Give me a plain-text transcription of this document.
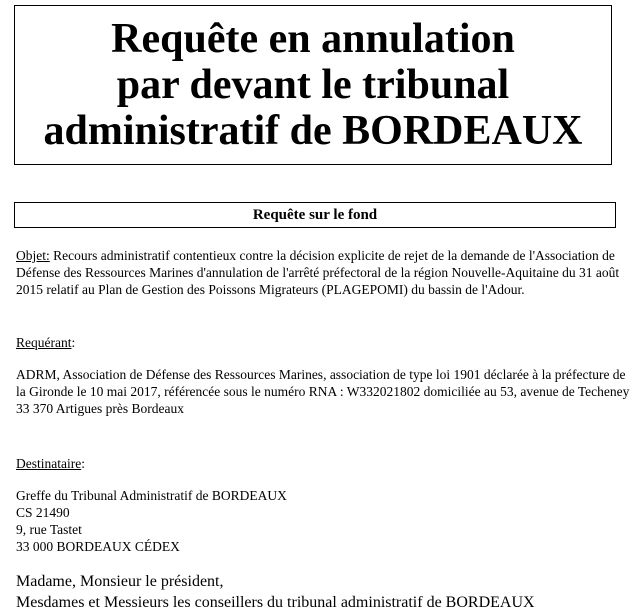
Requête en annulation
par devant le tribunal
administratif de BORDEAUX
Requête sur le fond
Objet: Recours administratif contentieux contre la décision explicite de rejet de la demande de l'Association de Défense des Ressources Marines d'annulation de l'arrêté préfectoral de la région Nouvelle-Aquitaine du 31 août 2015 relatif au Plan de Gestion des Poissons Migrateurs (PLAGEPOMI) du bassin de l'Adour.
Requérant:
ADRM, Association de Défense des Ressources Marines, association de type loi 1901 déclarée à la préfecture de la Gironde le 10 mai 2017, référencée sous le numéro RNA : W332021802 domiciliée au 53, avenue de Techeney 33 370 Artigues près Bordeaux
Destinataire:
Greffe du Tribunal Administratif de BORDEAUX
CS 21490
9, rue Tastet
33 000 BORDEAUX CÉDEX
Madame, Monsieur le président,
Mesdames et Messieurs les conseillers du tribunal administratif de BORDEAUX
